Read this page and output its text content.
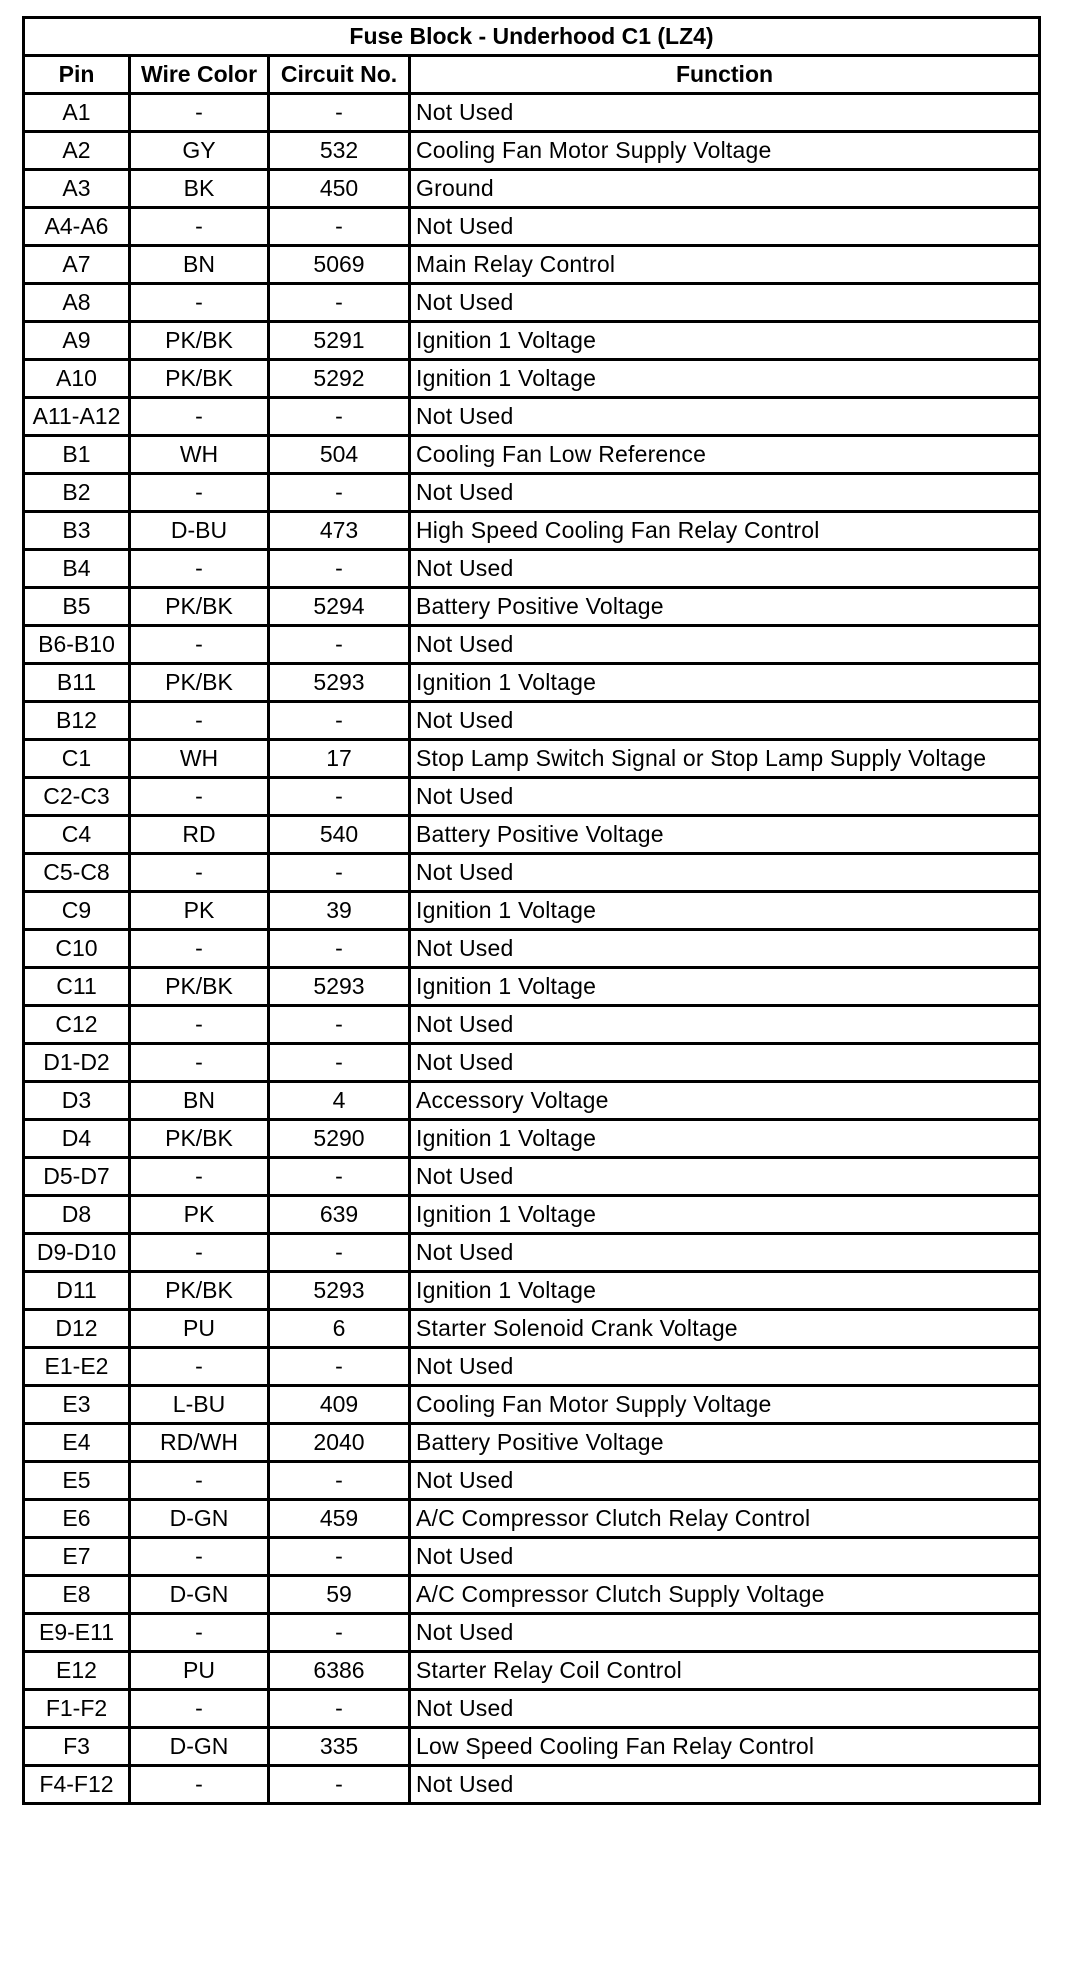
Fuse Block - Underhood C1 (LZ4)			
Pin	Wire Color	Circuit No.	Function
A1	-	-	Not Used
A2	GY	532	Cooling Fan Motor Supply Voltage
A3	BK	450	Ground
A4-A6	-	-	Not Used
A7	BN	5069	Main Relay Control
A8	-	-	Not Used
A9	PK/BK	5291	Ignition 1 Voltage
A10	PK/BK	5292	Ignition 1 Voltage
A11-A12	-	-	Not Used
B1	WH	504	Cooling Fan Low Reference
B2	-	-	Not Used
B3	D-BU	473	High Speed Cooling Fan Relay Control
B4	-	-	Not Used
B5	PK/BK	5294	Battery Positive Voltage
B6-B10	-	-	Not Used
B11	PK/BK	5293	Ignition 1 Voltage
B12	-	-	Not Used
C1	WH	17	Stop Lamp Switch Signal or Stop Lamp Supply Voltage
C2-C3	-	-	Not Used
C4	RD	540	Battery Positive Voltage
C5-C8	-	-	Not Used
C9	PK	39	Ignition 1 Voltage
C10	-	-	Not Used
C11	PK/BK	5293	Ignition 1 Voltage
C12	-	-	Not Used
D1-D2	-	-	Not Used
D3	BN	4	Accessory Voltage
D4	PK/BK	5290	Ignition 1 Voltage
D5-D7	-	-	Not Used
D8	PK	639	Ignition 1 Voltage
D9-D10	-	-	Not Used
D11	PK/BK	5293	Ignition 1 Voltage
D12	PU	6	Starter Solenoid Crank Voltage
E1-E2	-	-	Not Used
E3	L-BU	409	Cooling Fan Motor Supply Voltage
E4	RD/WH	2040	Battery Positive Voltage
E5	-	-	Not Used
E6	D-GN	459	A/C Compressor Clutch Relay Control
E7	-	-	Not Used
E8	D-GN	59	A/C Compressor Clutch Supply Voltage
E9-E11	-	-	Not Used
E12	PU	6386	Starter Relay Coil Control
F1-F2	-	-	Not Used
F3	D-GN	335	Low Speed Cooling Fan Relay Control
F4-F12	-	-	Not Used
